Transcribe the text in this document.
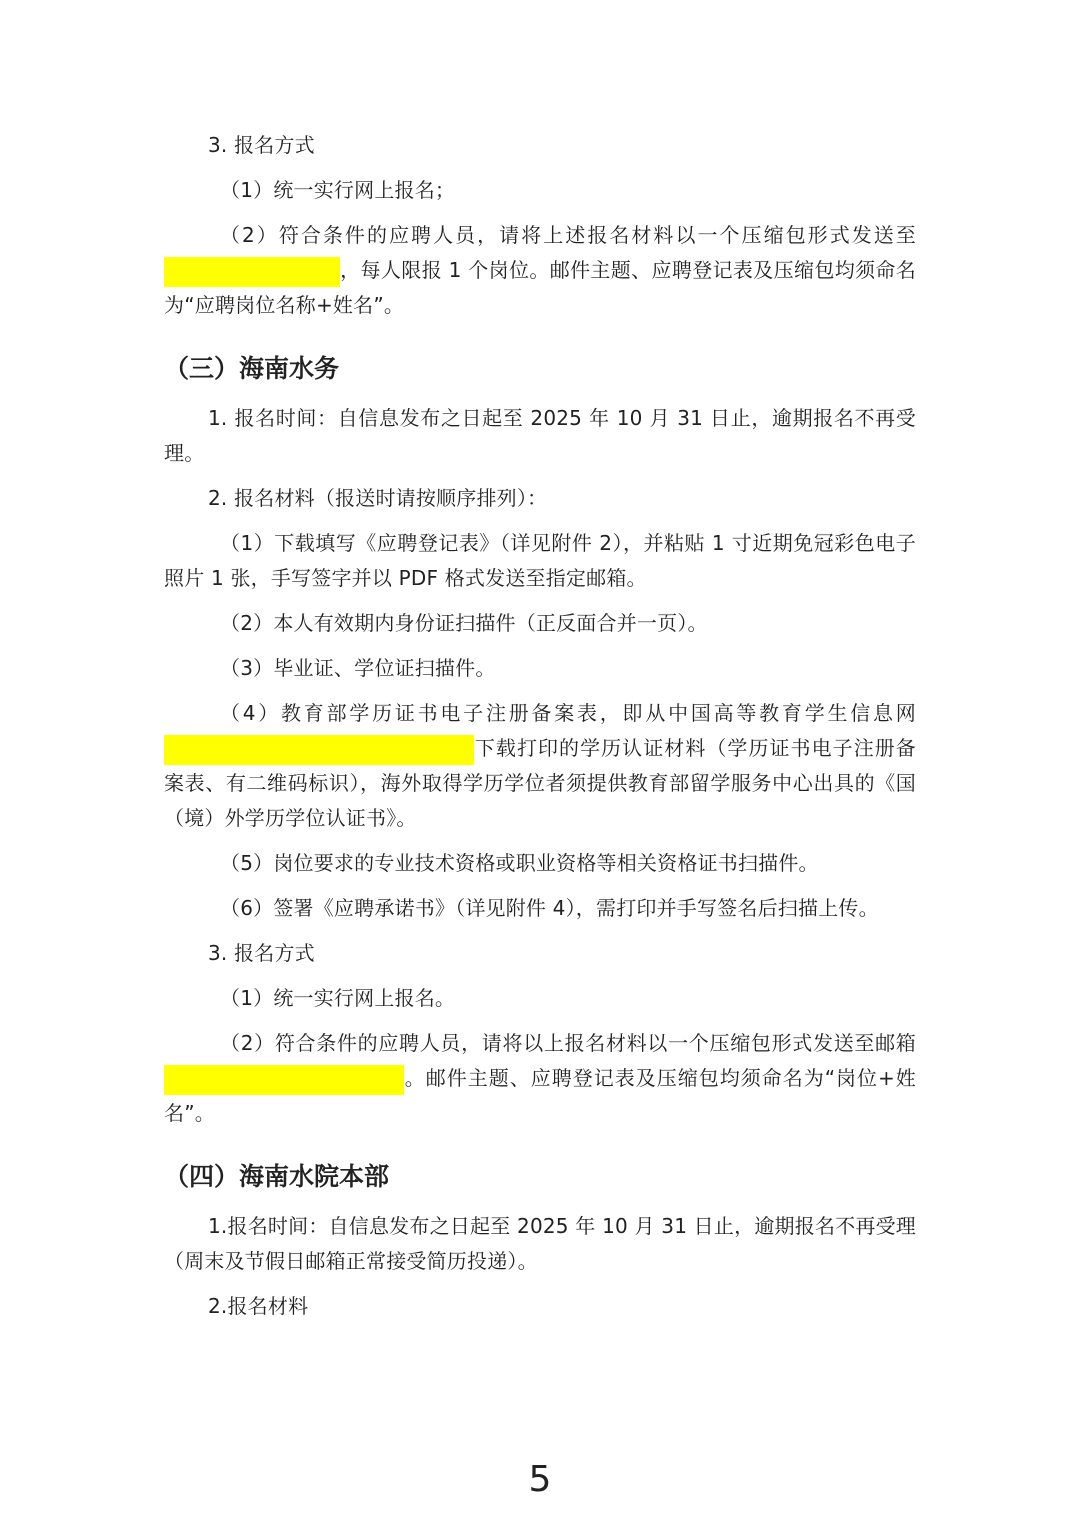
3. 报名方式

（1）统一实行网上报名；

（2）符合条件的应聘人员，请将上述报名材料以一个压缩包形式发送至，每人限报 1 个岗位。邮件主题、应聘登记表及压缩包均须命名为“应聘岗位名称+姓名”。

（三）海南水务

1. 报名时间：自信息发布之日起至 2025 年 10 月 31 日止，逾期报名不再受理。

2. 报名材料（报送时请按顺序排列）：

（1）下载填写《应聘登记表》（详见附件 2），并粘贴 1 寸近期免冠彩色电子照片 1 张，手写签字并以 PDF 格式发送至指定邮箱。

（2）本人有效期内身份证扫描件（正反面合并一页）。

（3）毕业证、学位证扫描件。

（4）教育部学历证书电子注册备案表，即从中国高等教育学生信息网下载打印的学历认证材料（学历证书电子注册备案表、有二维码标识），海外取得学历学位者须提供教育部留学服务中心出具的《国（境）外学历学位认证书》。

（5）岗位要求的专业技术资格或职业资格等相关资格证书扫描件。

（6）签署《应聘承诺书》（详见附件 4），需打印并手写签名后扫描上传。

3. 报名方式

（1）统一实行网上报名。

（2）符合条件的应聘人员，请将以上报名材料以一个压缩包形式发送至邮箱。邮件主题、应聘登记表及压缩包均须命名为“岗位+姓名”。

（四）海南水院本部

1.报名时间：自信息发布之日起至 2025 年 10 月 31 日止，逾期报名不再受理（周末及节假日邮箱正常接受简历投递）。

2.报名材料

5
